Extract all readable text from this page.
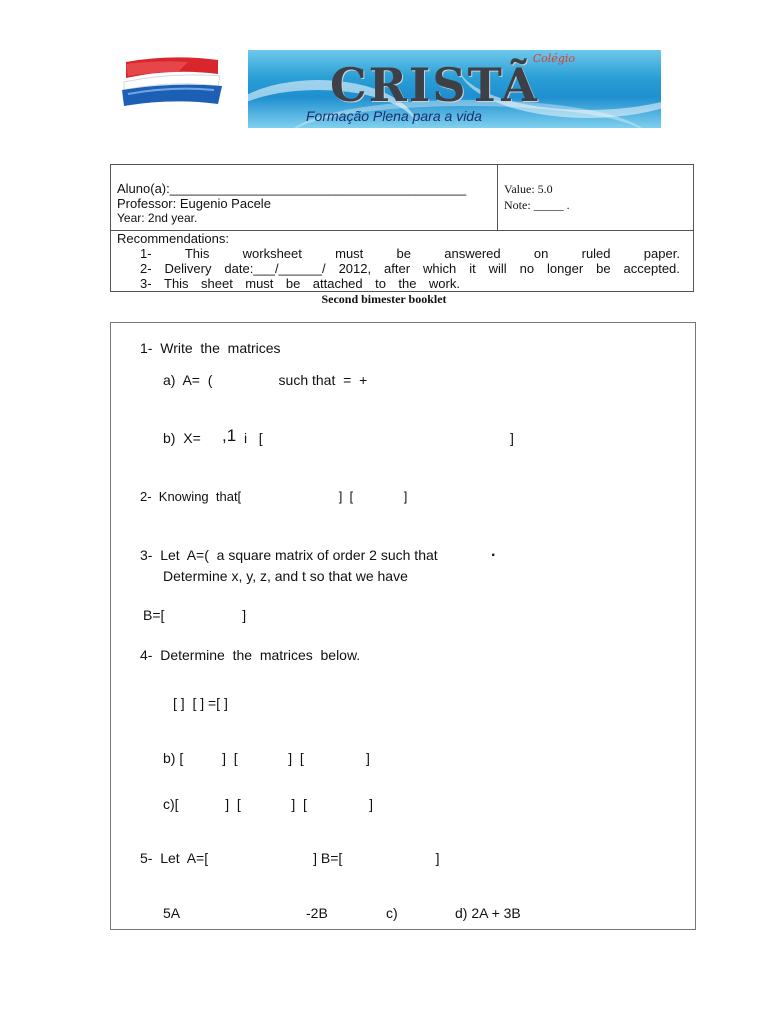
Colégio
CRISTÃ
Formação Plena para a vida
Aluno(a):_________________________________________
Professor: Eugenio Pacele
Year: 2nd year.
Value: 5.0
Note: _____ .
Recommendations:
1-	This	worksheet	must	be	answered	on	ruled	paper.
2- Delivery date:___/______/ 2012, after which it will no longer be accepted.
3- This sheet must be attached to the work.
Second bimester booklet
1-  Write  the  matrices
a)  A=  (                 such that  =  +
b)  X= ,1 i   [	]
2-  Knowing  that[                           ]  [              ]
3-  Let  A=(  a square matrix of order 2 such that	.
Determine x, y, z, and t so that we have
B=[                    ]
4-  Determine  the  matrices  below.
[ ]  [ ] =[ ]
b) [          ]  [             ]  [                ]
c)[            ]  [             ]  [                ]
5-  Let  A=[                           ] B=[                        ]
5A	-2B	c)	d) 2A + 3B
